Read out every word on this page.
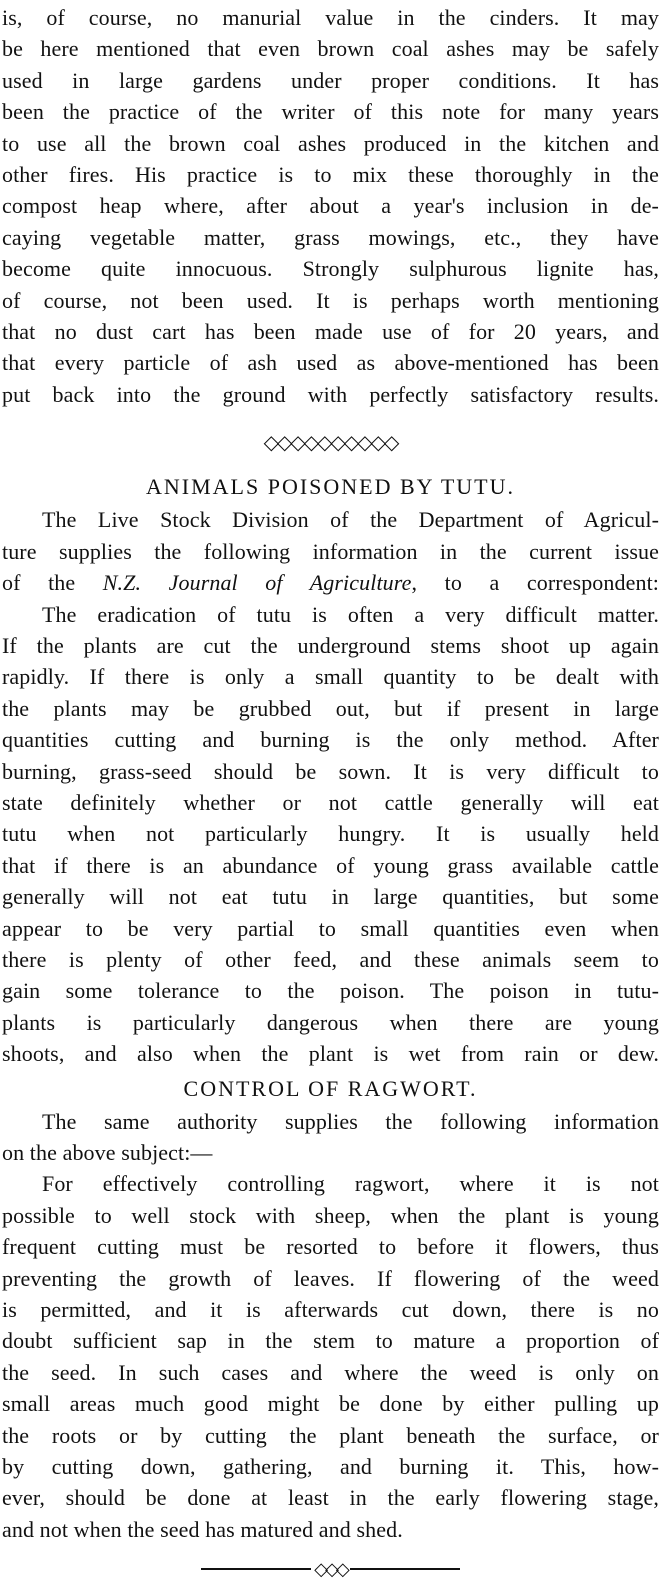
is, of course, no manurial value in the cinders. It may
be here mentioned that even brown coal ashes may be safely
used in large gardens under proper conditions. It has
been the practice of the writer of this note for many years
to use all the brown coal ashes produced in the kitchen and
other fires. His practice is to mix these thoroughly in the
compost heap where, after about a year's inclusion in de-
caying vegetable matter, grass mowings, etc., they have
become quite innocuous. Strongly sulphurous lignite has,
of course, not been used. It is perhaps worth mentioning
that no dust cart has been made use of for 20 years, and
that every particle of ash used as above-mentioned has been
put back into the ground with perfectly satisfactory results.
◇◇◇◇◇◇◇◇◇◇
ANIMALS POISONED BY TUTU.
The Live Stock Division of the Department of Agricul-
ture supplies the following information in the current issue
of the N.Z. Journal of Agriculture, to a correspondent:
The eradication of tutu is often a very difficult matter.
If the plants are cut the underground stems shoot up again
rapidly. If there is only a small quantity to be dealt with
the plants may be grubbed out, but if present in large
quantities cutting and burning is the only method. After
burning, grass-seed should be sown. It is very difficult to
state definitely whether or not cattle generally will eat
tutu when not particularly hungry. It is usually held
that if there is an abundance of young grass available cattle
generally will not eat tutu in large quantities, but some
appear to be very partial to small quantities even when
there is plenty of other feed, and these animals seem to
gain some tolerance to the poison. The poison in tutu-
plants is particularly dangerous when there are young
shoots, and also when the plant is wet from rain or dew.
CONTROL OF RAGWORT.
The same authority supplies the following information
on the above subject:—
For effectively controlling ragwort, where it is not
possible to well stock with sheep, when the plant is young
frequent cutting must be resorted to before it flowers, thus
preventing the growth of leaves. If flowering of the weed
is permitted, and it is afterwards cut down, there is no
doubt sufficient sap in the stem to mature a proportion of
the seed. In such cases and where the weed is only on
small areas much good might be done by either pulling up
the roots or by cutting the plant beneath the surface, or
by cutting down, gathering, and burning it. This, how-
ever, should be done at least in the early flowering stage,
and not when the seed has matured and shed.
◇◇◇
